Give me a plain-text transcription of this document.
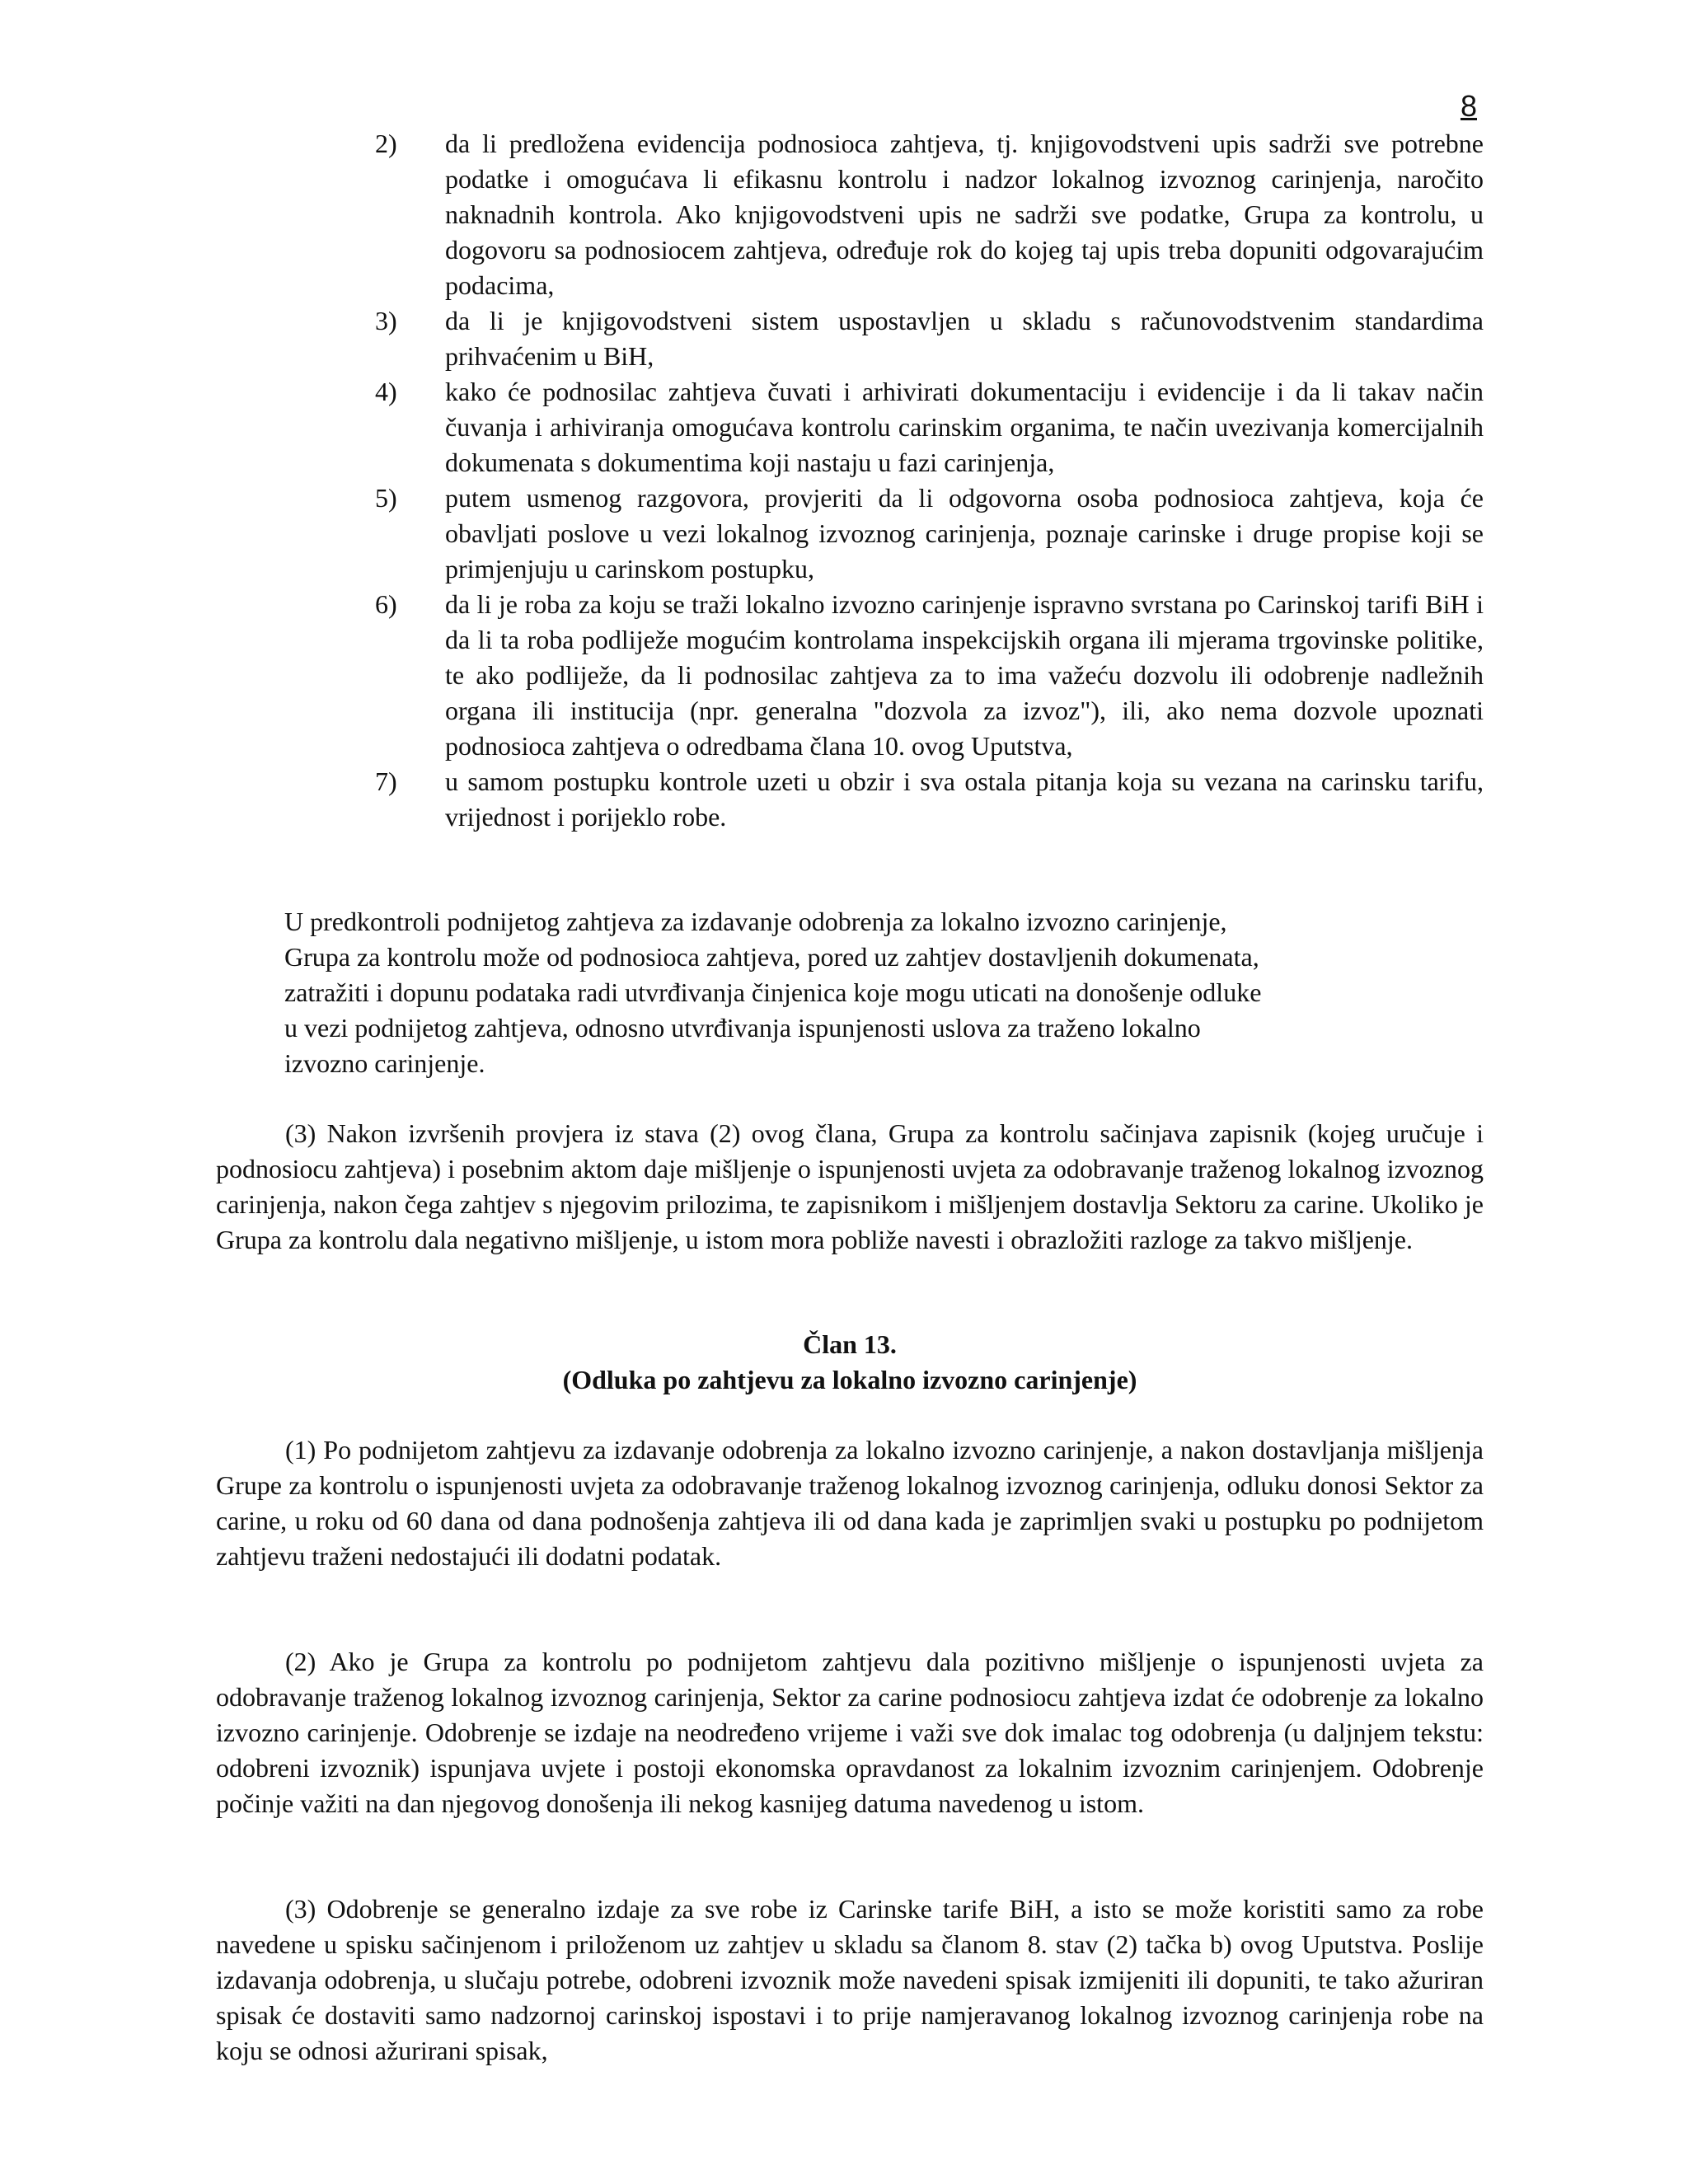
8
2)	da li predložena evidencija podnosioca zahtjeva, tj. knjigovodstveni upis sadrži sve potrebne podatke i omogućava li efikasnu kontrolu i nadzor lokalnog izvoznog carinjenja, naročito naknadnih kontrola. Ako knjigovodstveni upis ne sadrži sve podatke, Grupa za kontrolu, u dogovoru sa podnosiocem zahtjeva, određuje rok do kojeg taj upis treba dopuniti odgovarajućim podacima,
3)	da li je knjigovodstveni sistem uspostavljen u skladu s računovodstvenim standardima prihvaćenim u BiH,
4)	kako će podnosilac zahtjeva čuvati i arhivirati dokumentaciju i evidencije i da li takav način čuvanja i arhiviranja omogućava kontrolu carinskim organima, te način uvezivanja komercijalnih dokumenata s dokumentima koji nastaju u fazi carinjenja,
5)	putem usmenog razgovora, provjeriti da li odgovorna osoba podnosioca zahtjeva, koja će obavljati poslove u vezi lokalnog izvoznog carinjenja, poznaje carinske i druge propise koji se primjenjuju u carinskom postupku,
6)	da li je roba za koju se traži lokalno izvozno carinjenje ispravno svrstana po Carinskoj tarifi BiH i da li ta roba podliježe mogućim kontrolama inspekcijskih organa ili mjerama trgovinske politike, te ako podliježe, da li podnosilac zahtjeva za to ima važeću dozvolu ili odobrenje nadležnih organa ili institucija (npr. generalna "dozvola za izvoz"), ili, ako nema dozvole upoznati podnosioca zahtjeva o odredbama člana 10. ovog Uputstva,
7)	u samom postupku kontrole uzeti u obzir i sva ostala pitanja koja su vezana na carinsku tarifu, vrijednost i porijeklo robe.
U predkontroli podnijetog zahtjeva za izdavanje odobrenja za lokalno izvozno carinjenje,
Grupa za kontrolu može od podnosioca zahtjeva, pored uz zahtjev dostavljenih dokumenata,
zatražiti i dopunu podataka radi utvrđivanja činjenica koje mogu uticati na donošenje odluke
u vezi podnijetog zahtjeva, odnosno utvrđivanja ispunjenosti uslova za traženo lokalno
izvozno carinjenje.

(3) Nakon izvršenih provjera iz stava (2) ovog člana, Grupa za kontrolu sačinjava zapisnik (kojeg uručuje i podnosiocu zahtjeva) i posebnim aktom daje mišljenje o ispunjenosti uvjeta za odobravanje traženog lokalnog izvoznog carinjenja, nakon čega zahtjev s njegovim prilozima, te zapisnikom i mišljenjem dostavlja Sektoru za carine. Ukoliko je Grupa za kontrolu dala negativno mišljenje, u istom mora pobliže navesti i obrazložiti razloge za takvo mišljenje.

Član 13.

(Odluka po zahtjevu za lokalno izvozno carinjenje)

(1) Po podnijetom zahtjevu za izdavanje odobrenja za lokalno izvozno carinjenje, a nakon dostavljanja mišljenja Grupe za kontrolu o ispunjenosti uvjeta za odobravanje traženog lokalnog izvoznog carinjenja, odluku donosi Sektor za carine, u roku od 60 dana od dana podnošenja zahtjeva ili od dana kada je zaprimljen svaki u postupku po podnijetom zahtjevu traženi nedostajući ili dodatni podatak.

(2) Ako je Grupa za kontrolu po podnijetom zahtjevu dala pozitivno mišljenje o ispunjenosti uvjeta za odobravanje traženog lokalnog izvoznog carinjenja, Sektor za carine podnosiocu zahtjeva izdat će odobrenje za lokalno izvozno carinjenje. Odobrenje se izdaje na neodređeno vrijeme i važi sve dok imalac tog odobrenja (u daljnjem tekstu: odobreni izvoznik) ispunjava uvjete i postoji ekonomska opravdanost za lokalnim izvoznim carinjenjem. Odobrenje počinje važiti na dan njegovog donošenja ili nekog kasnijeg datuma navedenog u istom.

(3) Odobrenje se generalno izdaje za sve robe iz Carinske tarife BiH, a isto se može koristiti samo za robe navedene u spisku sačinjenom i priloženom uz zahtjev u skladu sa članom 8. stav (2) tačka b) ovog Uputstva. Poslije izdavanja odobrenja, u slučaju potrebe, odobreni izvoznik može navedeni spisak izmijeniti ili dopuniti, te tako ažuriran spisak će dostaviti samo nadzornoj carinskoj ispostavi i to prije namjeravanog lokalnog izvoznog carinjenja robe na koju se odnosi ažurirani spisak,
